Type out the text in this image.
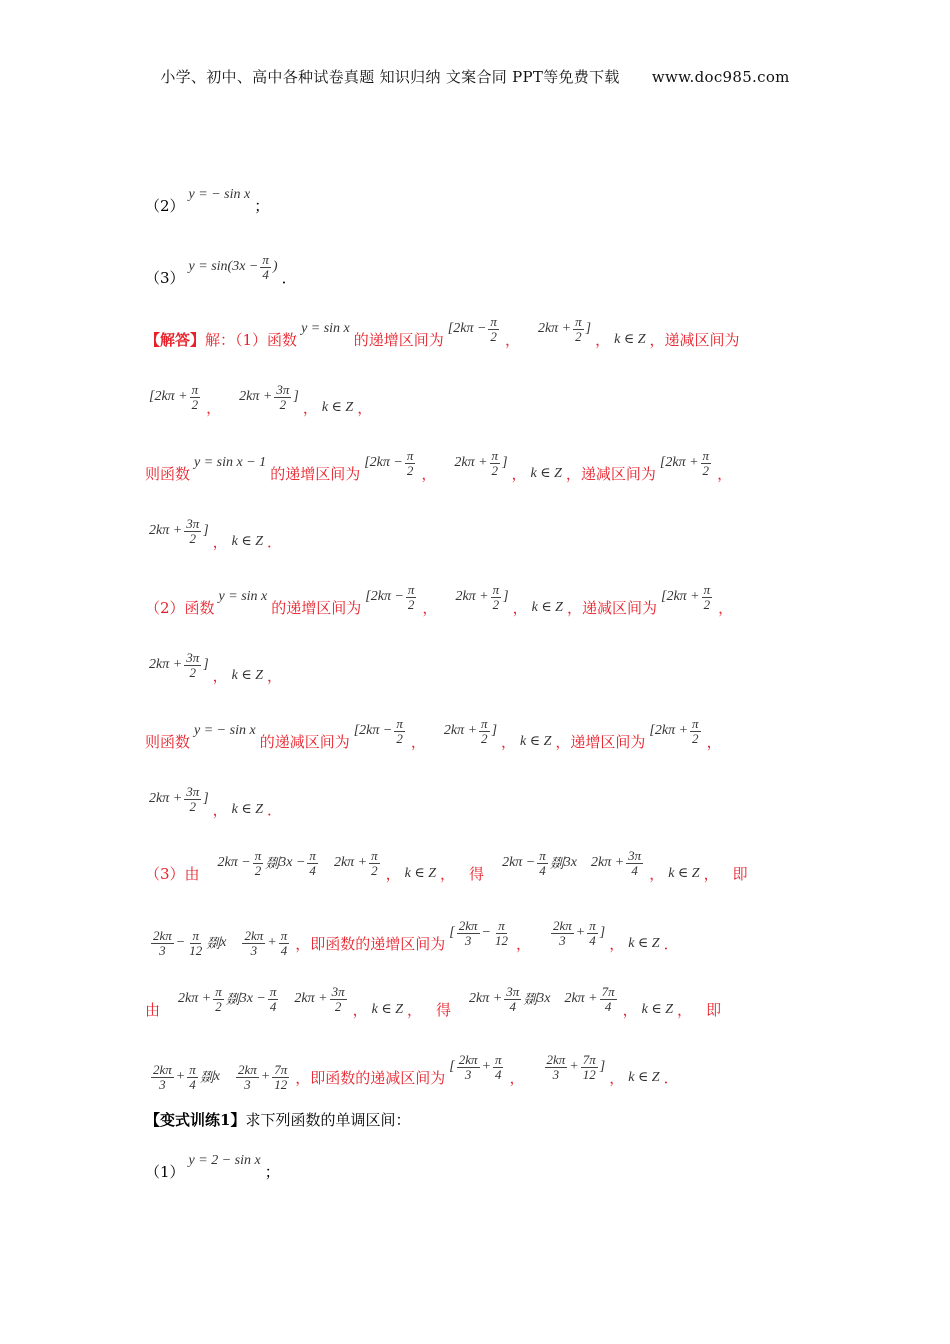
小学、初中、高中各种试卷真题 知识归纳 文案合同 PPT等免费下载 www.doc985.com
（2）
y = − sin x
；
（3）
$y = \sin(3x - \frac{\pi}{4}$ )
．
【解答】 解：（1）函数
y = sin x
的递增区间为
[$2k\pi - \frac{\pi}{2}$ ，
$2k\pi + \frac{\pi}{2}$ ]
， k ∈ Z ，递减区间为
[$2k\pi + \frac{\pi}{2}$ ，
$2k\pi + \frac{3\pi}{2}$ ]
， k ∈ Z ，
则函数
y = sin x − 1
的递增区间为
[$2k\pi - \frac{\pi}{2}$ ，
$2k\pi + \frac{\pi}{2}$ ]
， k ∈ Z ，递减区间为
[$2k\pi + \frac{\pi}{2}$ ，
$2k\pi + \frac{3\pi}{2}$ ]
， k ∈ Z ．
（2）函数
y = sin x
的递增区间为
[$2k\pi - \frac{\pi}{2}$ ，
$2k\pi + \frac{\pi}{2}$ ]
， k ∈ Z ，递减区间为
[$2k\pi + \frac{\pi}{2}$ ，
$2k\pi + \frac{3\pi}{2}$ ]
， k ∈ Z ，
则函数
y = − sin x
的递减区间为
[$2k\pi - \frac{\pi}{2}$ ，
$2k\pi + \frac{\pi}{2}$ ]
， k ∈ Z ，递增区间为
[$2k\pi + \frac{\pi}{2}$ ，
$2k\pi + \frac{3\pi}{2}$ ]
， k ∈ Z ．
（3）由
$2k\pi - \frac{\pi}{2}$ 剟 3 $x - \frac{\pi}{4} 2k\pi + \frac{\pi}{2}$ ， k ∈ Z ， 得
$2k\pi - \frac{\pi}{4}$ 剟 3 x $2k\pi + \frac{3\pi}{4}$ ， k ∈ Z ， 即
$\frac{2k\pi}{3} - \frac{\pi}{12}$ 剟 x $\frac{2k\pi}{3} + \frac{\pi}{4}$ ，即函数的递增区间为
[ $\frac{2k\pi}{3} - \frac{\pi}{12}$ ， $\frac{2k\pi}{3} + \frac{\pi}{4}$ ]
， k ∈ Z ．
由
$2k\pi + \frac{\pi}{2}$ 剟 3 $x - \frac{\pi}{4} 2k\pi + \frac{3\pi}{2}$ ， k ∈ Z ， 得
$2k\pi + \frac{3\pi}{4}$ 剟 3 x $2k\pi + \frac{7\pi}{4}$ ， k ∈ Z ， 即
$\frac{2k\pi}{3} + \frac{\pi}{4}$ 剟 x $\frac{2k\pi}{3} + \frac{7\pi}{12}$ ，即函数的递减区间为
[ $\frac{2k\pi}{3} + \frac{\pi}{4}$ ， $\frac{2k\pi}{3} + \frac{7\pi}{12}$ ]
， k ∈ Z ．
【变式训练1】 求下列函数的单调区间：
（1）
y = 2 − sin x
；
